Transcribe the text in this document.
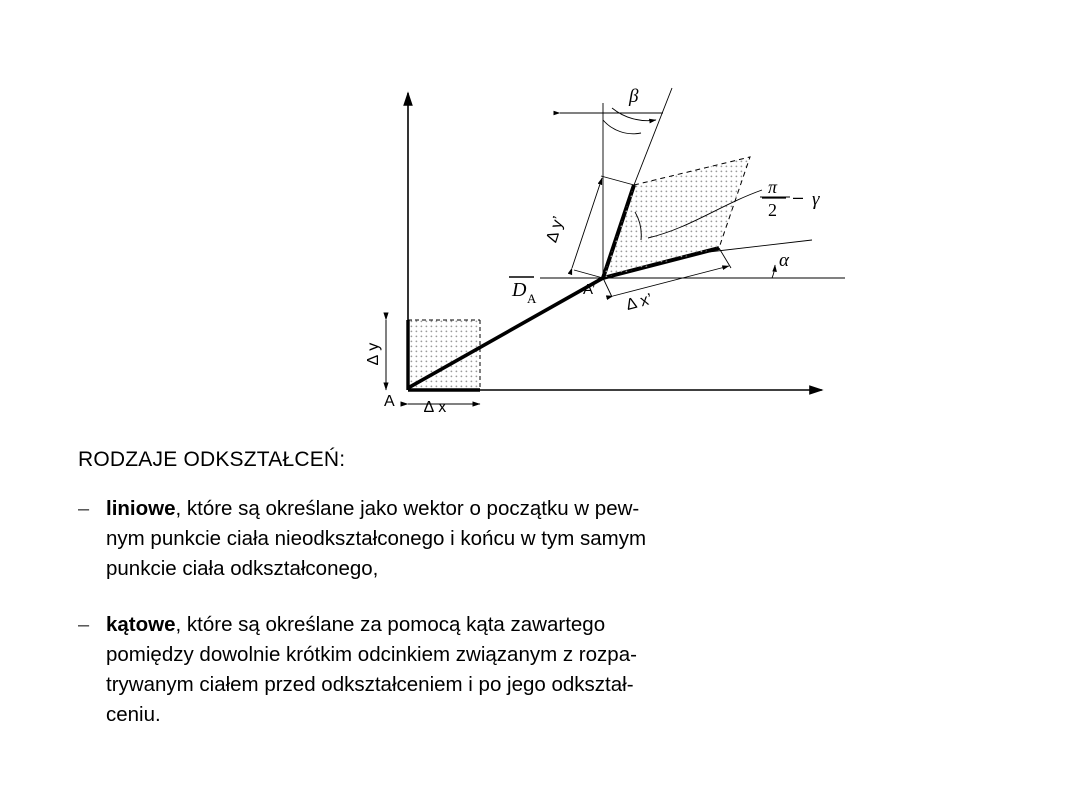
A
A’
∆ x
∆ y
∆ x’
∆ y’
D A
α
β
π
2
– γ
RODZAJE ODKSZTAŁCEŃ:
– liniowe, które są określane jako wektor o początku w pew-
nym punkcie ciała nieodkształconego i końcu w tym samym
punkcie ciała odkształconego,
– kątowe, które są określane za pomocą kąta zawartego
pomiędzy dowolnie krótkim odcinkiem związanym z rozpa-
trywanym ciałem przed odkształceniem i po jego odkształ-
ceniu.
